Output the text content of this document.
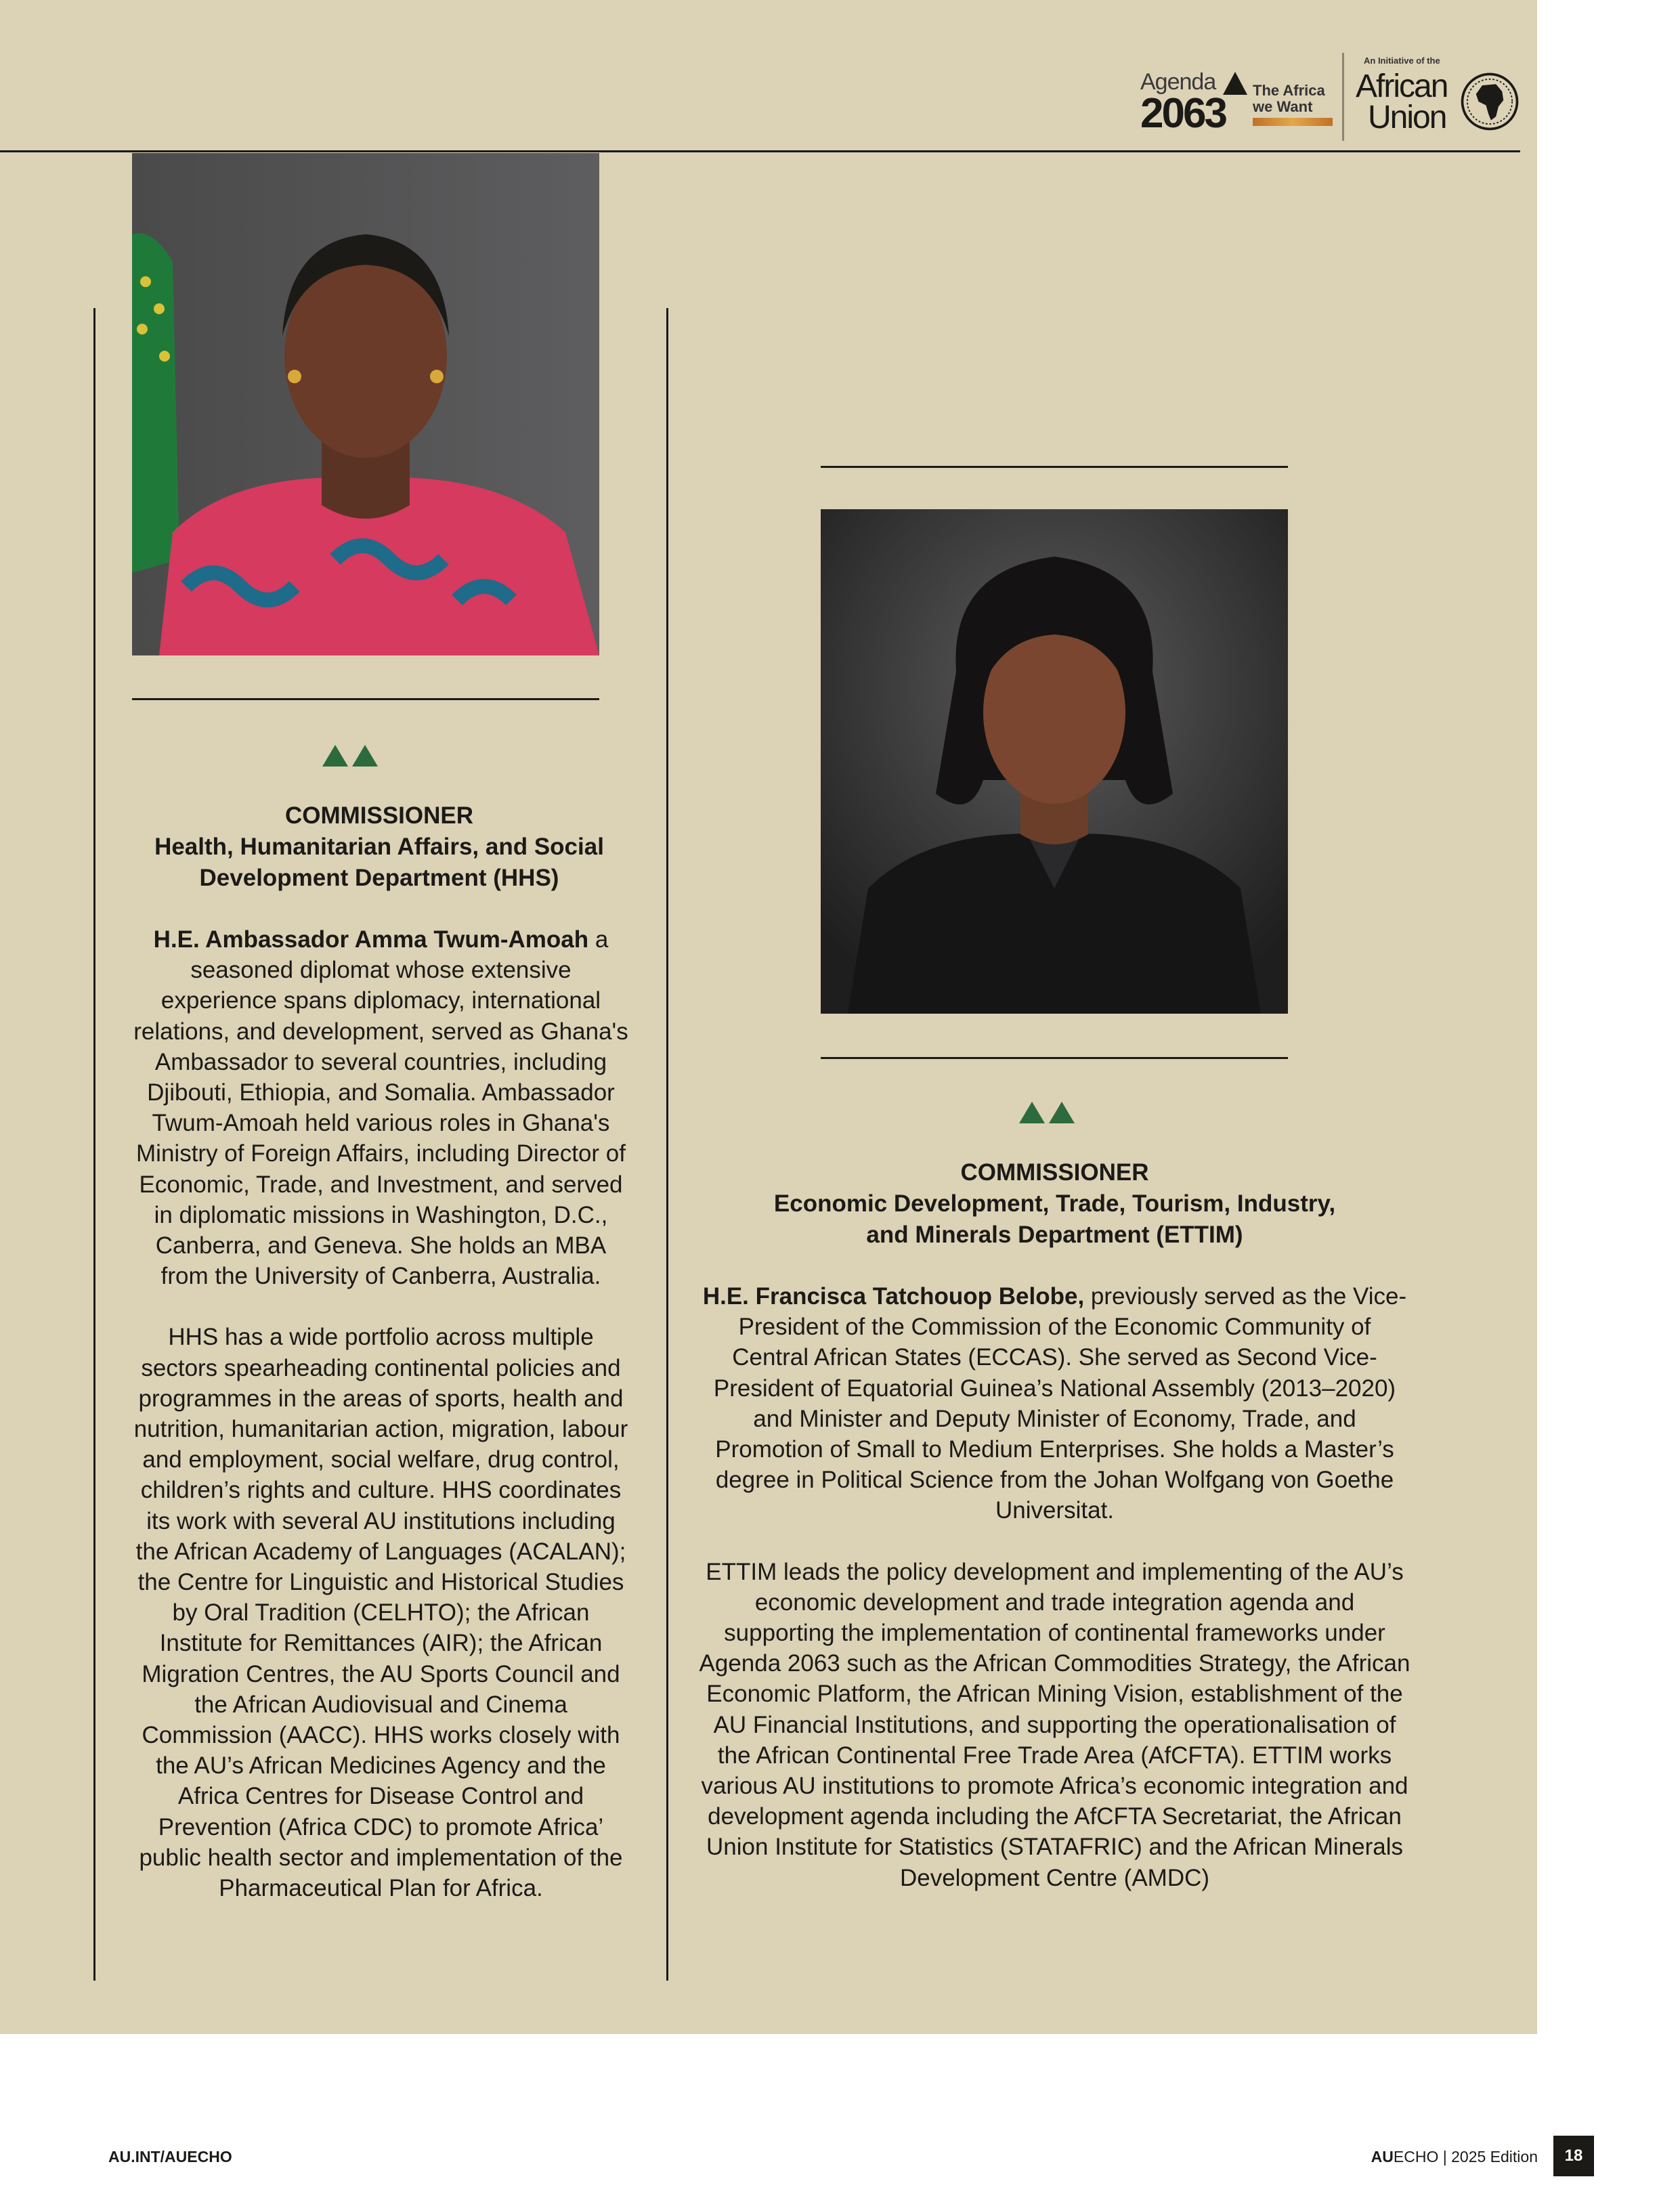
Agenda
2063 The Africa
we Want
An Initiative of the
African
Union
COMMISSIONER
Health, Humanitarian Affairs, and Social
Development Department (HHS)

H.E. Ambassador Amma Twum-Amoah a seasoned diplomat whose extensive experience spans diplomacy, international relations, and development, served as Ghana's Ambassador to several countries, including Djibouti, Ethiopia, and Somalia. Ambassador Twum-Amoah held various roles in Ghana's Ministry of Foreign Affairs, including Director of Economic, Trade, and Investment, and served in diplomatic missions in Washington, D.C., Canberra, and Geneva. She holds an MBA from the University of Canberra, Australia.

HHS has a wide portfolio across multiple sectors spearheading continental policies and programmes in the areas of sports, health and nutrition, humanitarian action, migration, labour and employment, social welfare, drug control, children’s rights and culture. HHS coordinates its work with several AU institutions including the African Academy of Languages (ACALAN); the Centre for Linguistic and Historical Studies by Oral Tradition (CELHTO); the African Institute for Remittances (AIR); the African Migration Centres, the AU Sports Council and the African Audiovisual and Cinema Commission (AACC). HHS works closely with the AU’s African Medicines Agency and the Africa Centres for Disease Control and Prevention (Africa CDC) to promote Africa’ public health sector and implementation of the Pharmaceutical Plan for Africa.

COMMISSIONER
Economic Development, Trade, Tourism, Industry,
and Minerals Department (ETTIM)

H.E. Francisca Tatchouop Belobe, previously served as the Vice-President of the Commission of the Economic Community of Central African States (ECCAS). She served as Second Vice-President of Equatorial Guinea’s National Assembly (2013–2020) and Minister and Deputy Minister of Economy, Trade, and Promotion of Small to Medium Enterprises. She holds a Master’s degree in Political Science from the Johan Wolfgang von Goethe Universitat.

ETTIM leads the policy development and implementing of the AU’s economic development and trade integration agenda and supporting the implementation of continental frameworks under Agenda 2063 such as the African Commodities Strategy, the African Economic Platform, the African Mining Vision, establishment of the AU Financial Institutions, and supporting the operationalisation of the African Continental Free Trade Area (AfCFTA). ETTIM works various AU institutions to promote Africa’s economic integration and development agenda including the AfCFTA Secretariat, the African Union Institute for Statistics (STATAFRIC) and the African Minerals Development Centre (AMDC)

AU.INT/AUECHO	AUECHO | 2025 Edition	18
